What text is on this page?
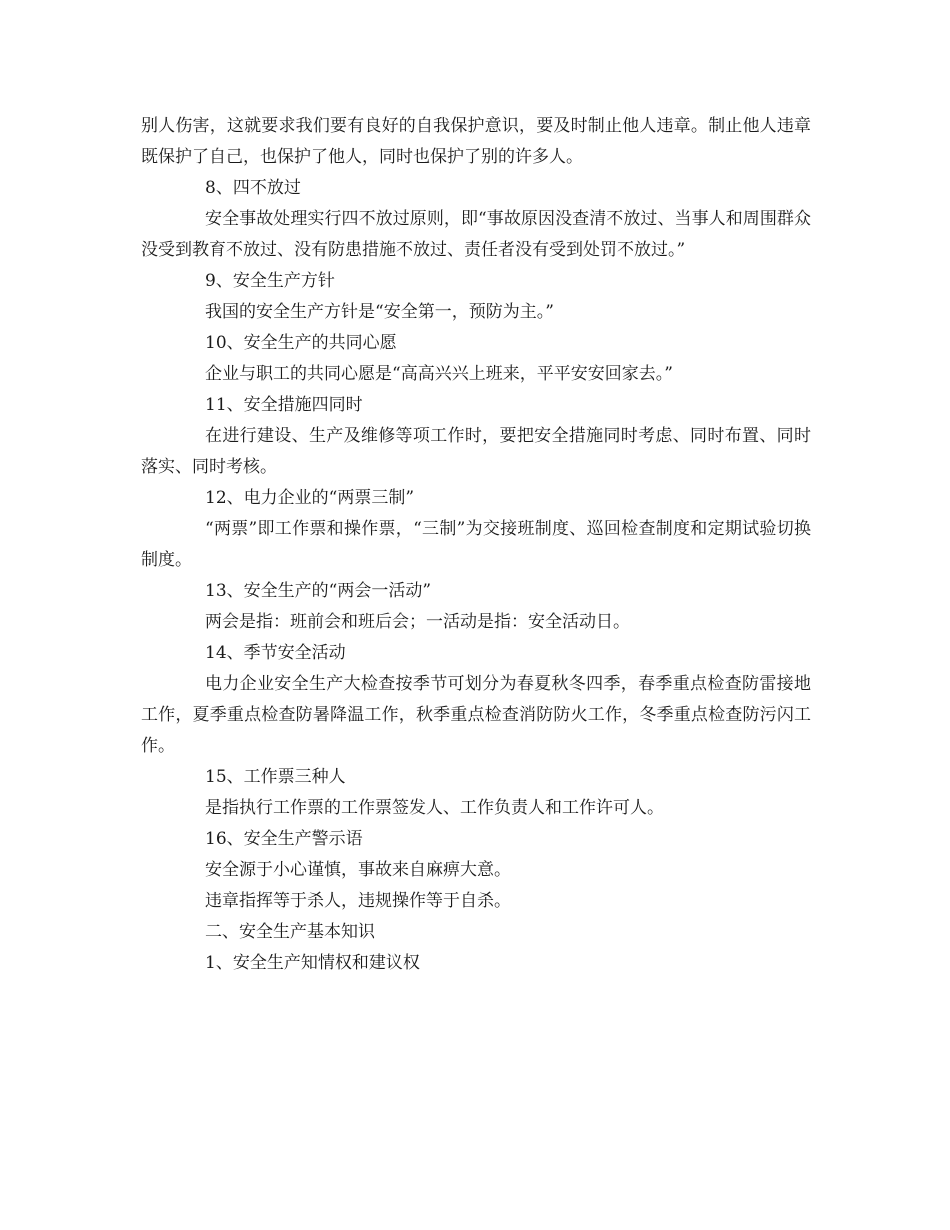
别人伤害，这就要求我们要有良好的自我保护意识，要及时制止他人违章。制止他人违章既保护了自己，也保护了他人，同时也保护了别的许多人。

8、四不放过

安全事故处理实行四不放过原则，即“事故原因没查清不放过、当事人和周围群众没受到教育不放过、没有防患措施不放过、责任者没有受到处罚不放过。”

9、安全生产方针

我国的安全生产方针是“安全第一，预防为主。”

10、安全生产的共同心愿

企业与职工的共同心愿是“高高兴兴上班来，平平安安回家去。”

11、安全措施四同时

在进行建设、生产及维修等项工作时，要把安全措施同时考虑、同时布置、同时落实、同时考核。

12、电力企业的“两票三制”

“两票”即工作票和操作票，“三制”为交接班制度、巡回检查制度和定期试验切换制度。

13、安全生产的“两会一活动”

两会是指：班前会和班后会；一活动是指：安全活动日。

14、季节安全活动

电力企业安全生产大检查按季节可划分为春夏秋冬四季，春季重点检查防雷接地工作，夏季重点检查防暑降温工作，秋季重点检查消防防火工作，冬季重点检查防污闪工作。

15、工作票三种人

是指执行工作票的工作票签发人、工作负责人和工作许可人。

16、安全生产警示语

安全源于小心谨慎，事故来自麻痹大意。

违章指挥等于杀人，违规操作等于自杀。

二、安全生产基本知识

1、安全生产知情权和建议权
